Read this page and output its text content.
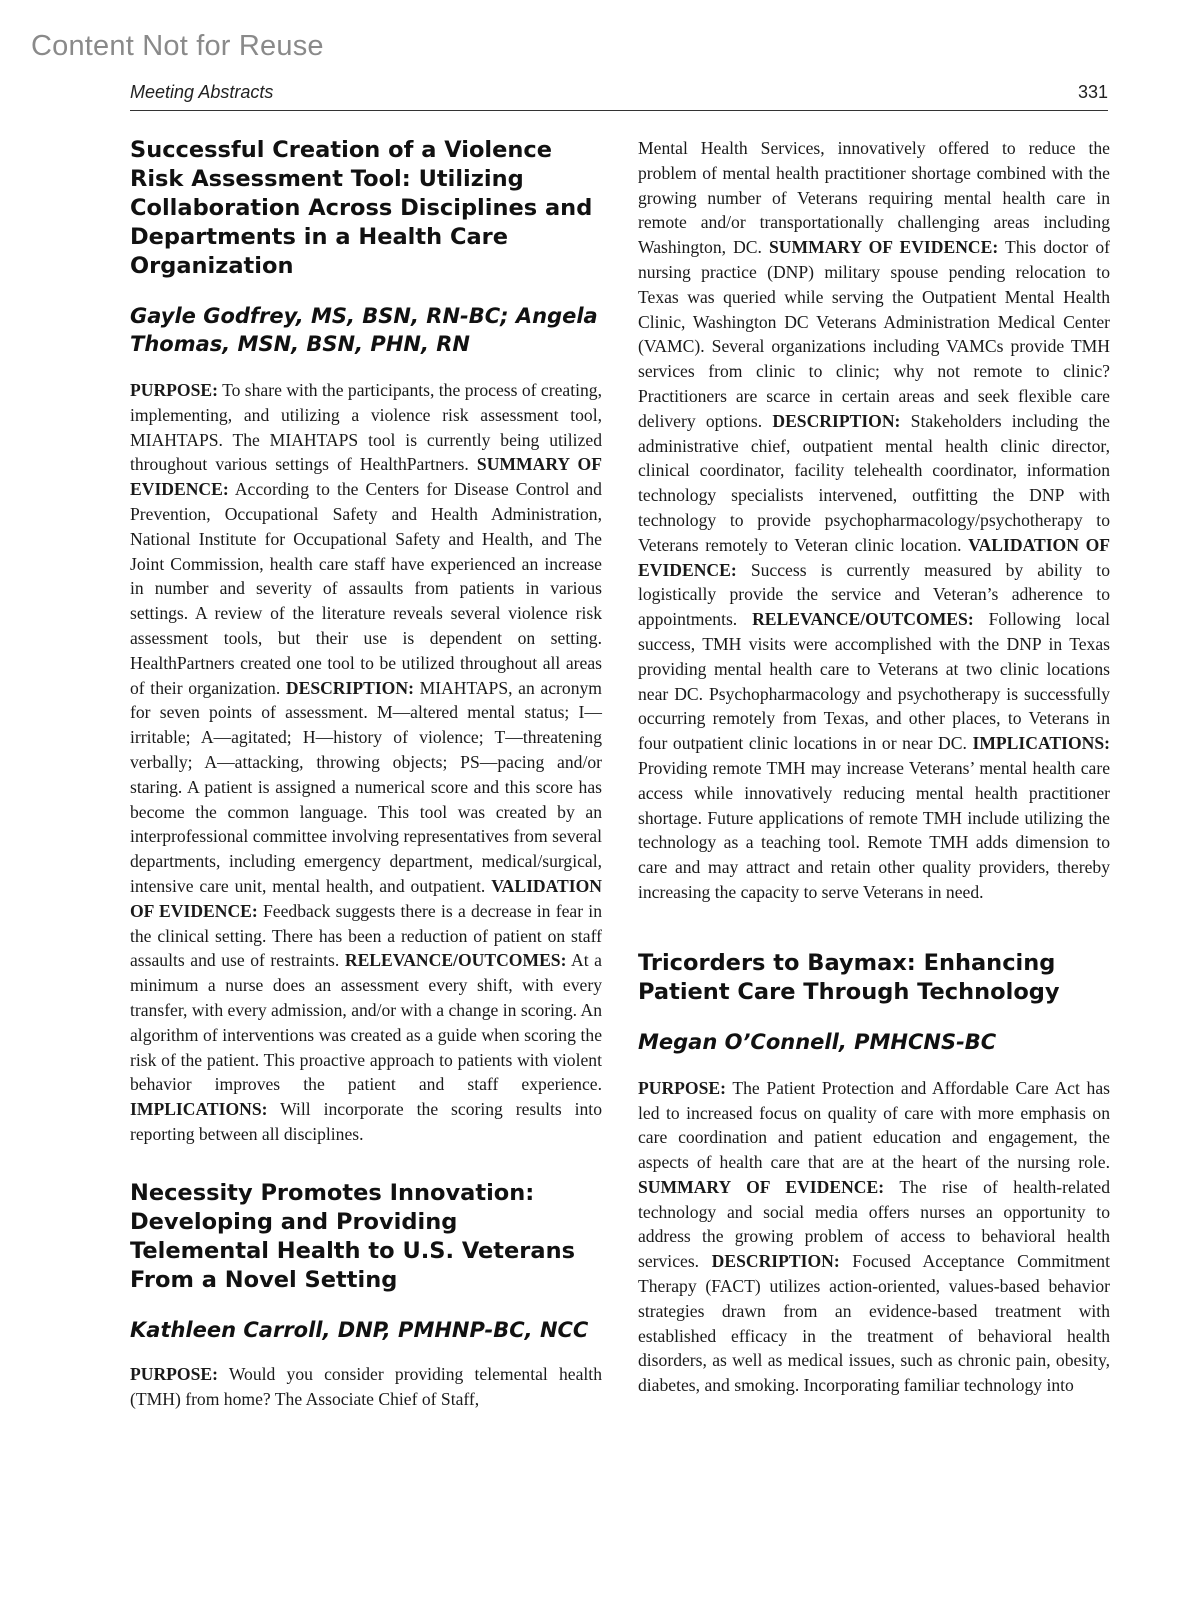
Content Not for Reuse
Meeting Abstracts	331
Successful Creation of a Violence Risk Assessment Tool: Utilizing Collaboration Across Disciplines and Departments in a Health Care Organization

Gayle Godfrey, MS, BSN, RN-BC; Angela Thomas, MSN, BSN, PHN, RN

PURPOSE: To share with the participants, the process of creating, implementing, and utilizing a violence risk assessment tool, MIAHTAPS. The MIAHTAPS tool is currently being utilized throughout various settings of HealthPartners. SUMMARY OF EVIDENCE: According to the Centers for Disease Control and Prevention, Occupational Safety and Health Administration, National Institute for Occupational Safety and Health, and The Joint Commission, health care staff have experienced an increase in number and severity of assaults from patients in various settings. A review of the literature reveals several violence risk assessment tools, but their use is dependent on setting. HealthPartners created one tool to be utilized throughout all areas of their organization. DESCRIPTION: MIAHTAPS, an acronym for seven points of assessment. M—altered mental status; I—irritable; A—agitated; H—history of violence; T—threatening verbally; A—attacking, throwing objects; PS—pacing and/or staring. A patient is assigned a numerical score and this score has become the common language. This tool was created by an interprofessional committee involving representatives from several departments, including emergency department, medical/surgical, intensive care unit, mental health, and outpatient. VALIDATION OF EVIDENCE: Feedback suggests there is a decrease in fear in the clinical setting. There has been a reduction of patient on staff assaults and use of restraints. RELEVANCE/OUTCOMES: At a minimum a nurse does an assessment every shift, with every transfer, with every admission, and/or with a change in scoring. An algorithm of interventions was created as a guide when scoring the risk of the patient. This proactive approach to patients with violent behavior improves the patient and staff experience. IMPLICATIONS: Will incorporate the scoring results into reporting between all disciplines.

Necessity Promotes Innovation: Developing and Providing Telemental Health to U.S. Veterans From a Novel Setting

Kathleen Carroll, DNP, PMHNP-BC, NCC

PURPOSE: Would you consider providing telemental health (TMH) from home? The Associate Chief of Staff,

Mental Health Services, innovatively offered to reduce the problem of mental health practitioner shortage combined with the growing number of Veterans requiring mental health care in remote and/or transportationally challenging areas including Washington, DC. SUMMARY OF EVIDENCE: This doctor of nursing practice (DNP) military spouse pending relocation to Texas was queried while serving the Outpatient Mental Health Clinic, Washington DC Veterans Administration Medical Center (VAMC). Several organizations including VAMCs provide TMH services from clinic to clinic; why not remote to clinic? Practitioners are scarce in certain areas and seek flexible care delivery options. DESCRIPTION: Stakeholders including the administrative chief, outpatient mental health clinic director, clinical coordinator, facility telehealth coordinator, information technology specialists intervened, outfitting the DNP with technology to provide psychopharmacology/psychotherapy to Veterans remotely to Veteran clinic location. VALIDATION OF EVIDENCE: Success is currently measured by ability to logistically provide the service and Veteran’s adherence to appointments. RELEVANCE/OUTCOMES: Following local success, TMH visits were accomplished with the DNP in Texas providing mental health care to Veterans at two clinic locations near DC. Psychopharmacology and psychotherapy is successfully occurring remotely from Texas, and other places, to Veterans in four outpatient clinic locations in or near DC. IMPLICATIONS: Providing remote TMH may increase Veterans’ mental health care access while innovatively reducing mental health practitioner shortage. Future applications of remote TMH include utilizing the technology as a teaching tool. Remote TMH adds dimension to care and may attract and retain other quality providers, thereby increasing the capacity to serve Veterans in need.

Tricorders to Baymax: Enhancing Patient Care Through Technology

Megan O’Connell, PMHCNS-BC

PURPOSE: The Patient Protection and Affordable Care Act has led to increased focus on quality of care with more emphasis on care coordination and patient education and engagement, the aspects of health care that are at the heart of the nursing role. SUMMARY OF EVIDENCE: The rise of health-related technology and social media offers nurses an opportunity to address the growing problem of access to behavioral health services. DESCRIPTION: Focused Acceptance Commitment Therapy (FACT) utilizes action-oriented, values-based behavior strategies drawn from an evidence-based treatment with established efficacy in the treatment of behavioral health disorders, as well as medical issues, such as chronic pain, obesity, diabetes, and smoking. Incorporating familiar technology into
